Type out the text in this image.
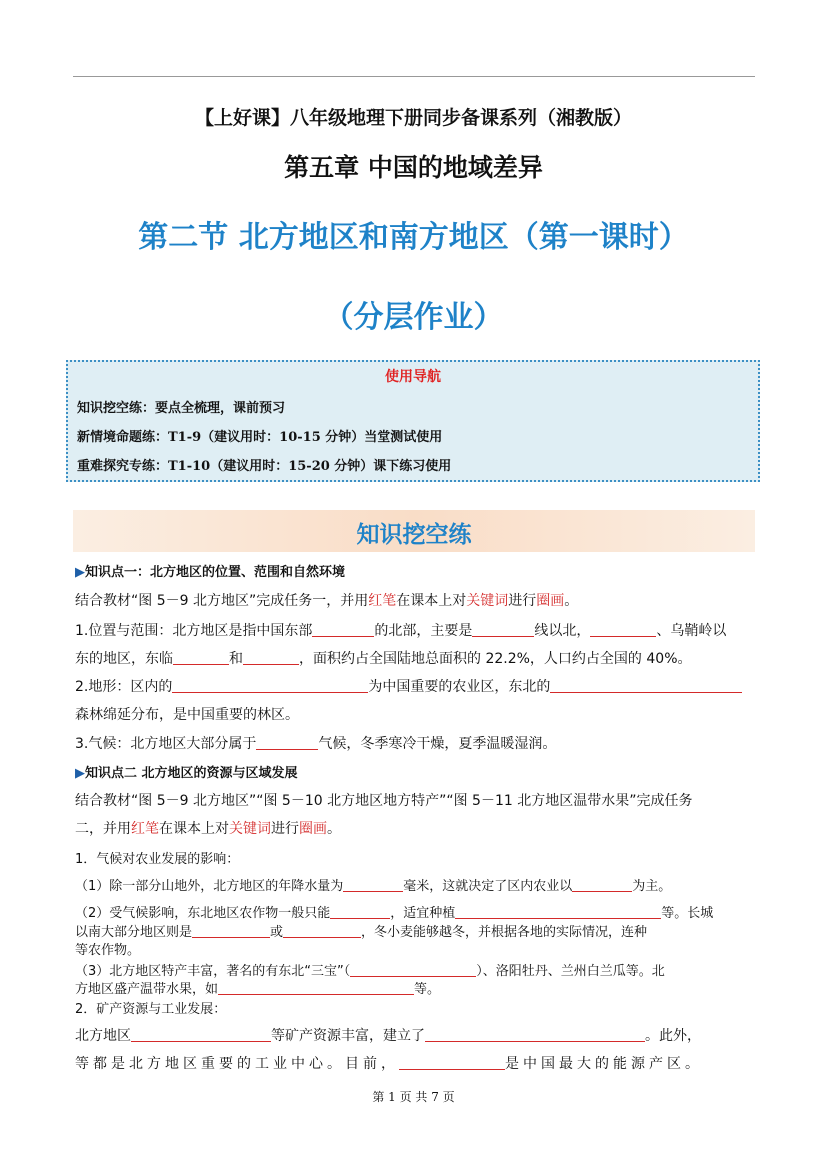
【上好课】八年级地理下册同步备课系列（湘教版）
第五章 中国的地域差异
第二节 北方地区和南方地区（第一课时）
（分层作业）
使用导航
知识挖空练：要点全梳理，课前预习
新情境命题练：T1-9（建议用时：10-15 分钟）当堂测试使用
重难探究专练：T1-10（建议用时：15-20 分钟）课下练习使用
知识挖空练
▶知识点一：北方地区的位置、范围和自然环境
结合教材“图 5－9 北方地区”完成任务一，并用红笔在课本上对关键词进行圈画。
1.位置与范围：北方地区是指中国东部	的北部，主要是	线以北，	、乌鞘岭以
东的地区，东临	和	，面积约占全国陆地总面积的 22.2%，人口约占全国的 40%。
2.地形：区内的	为中国重要的农业区，东北的
森林绵延分布，是中国重要的林区。
3.气候：北方地区大部分属于	气候，冬季寒冷干燥，夏季温暖湿润。
▶知识点二 北方地区的资源与区域发展
结合教材“图 5－9 北方地区”“图 5－10 北方地区地方特产”“图 5－11 北方地区温带水果”完成任务
二，并用红笔在课本上对关键词进行圈画。
1．气候对农业发展的影响：
（1）除一部分山地外，北方地区的年降水量为	毫米，这就决定了区内农业以	为主。
（2）受气候影响，东北地区农作物一般只能	，适宜种植	等。长城
以南大部分地区则是	或	，冬小麦能够越冬，并根据各地的实际情况，连种
等农作物。
（3）北方地区特产丰富，著名的有东北“三宝”（	）、洛阳牡丹、兰州白兰瓜等。北
方地区盛产温带水果，如	等。
2．矿产资源与工业发展：
北方地区	等矿产资源丰富，建立了	。此外，
等都是北方地区重要的工业中心。目前，	是中国最大的能源产区。
第 1 页 共 7 页
